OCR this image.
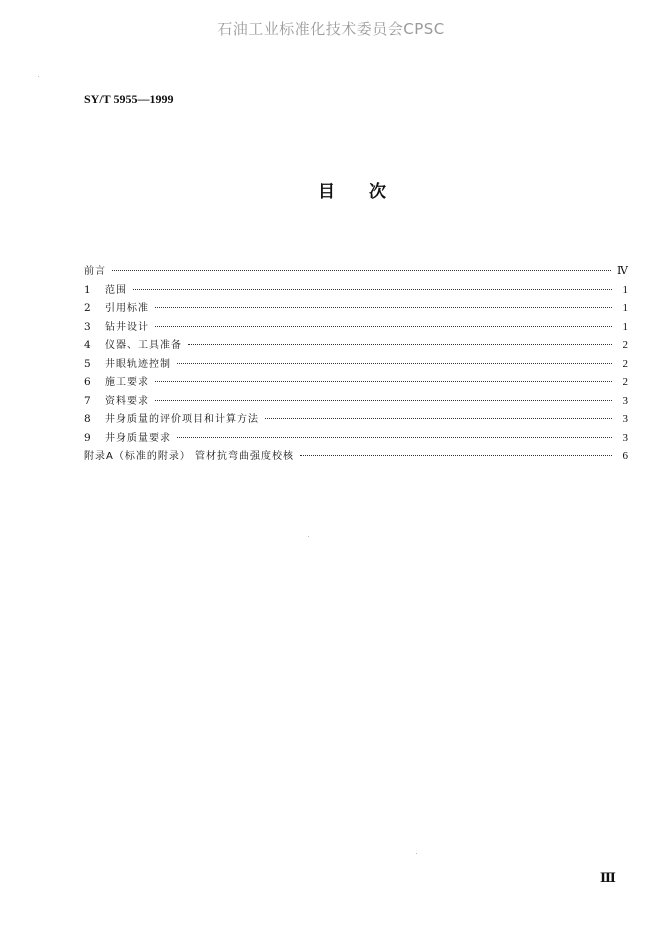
石油工业标准化技术委员会CPSC
SY/T 5955—1999
目次
前言	Ⅳ
1	范围	1
2	引用标准	1
3	钻井设计	1
4	仪器、工具准备	2
5	井眼轨迹控制	2
6	施工要求	2
7	资料要求	3
8	井身质量的评价项目和计算方法	3
9	井身质量要求	3
附录A（标准的附录） 管材抗弯曲强度校核	6
Ⅲ
